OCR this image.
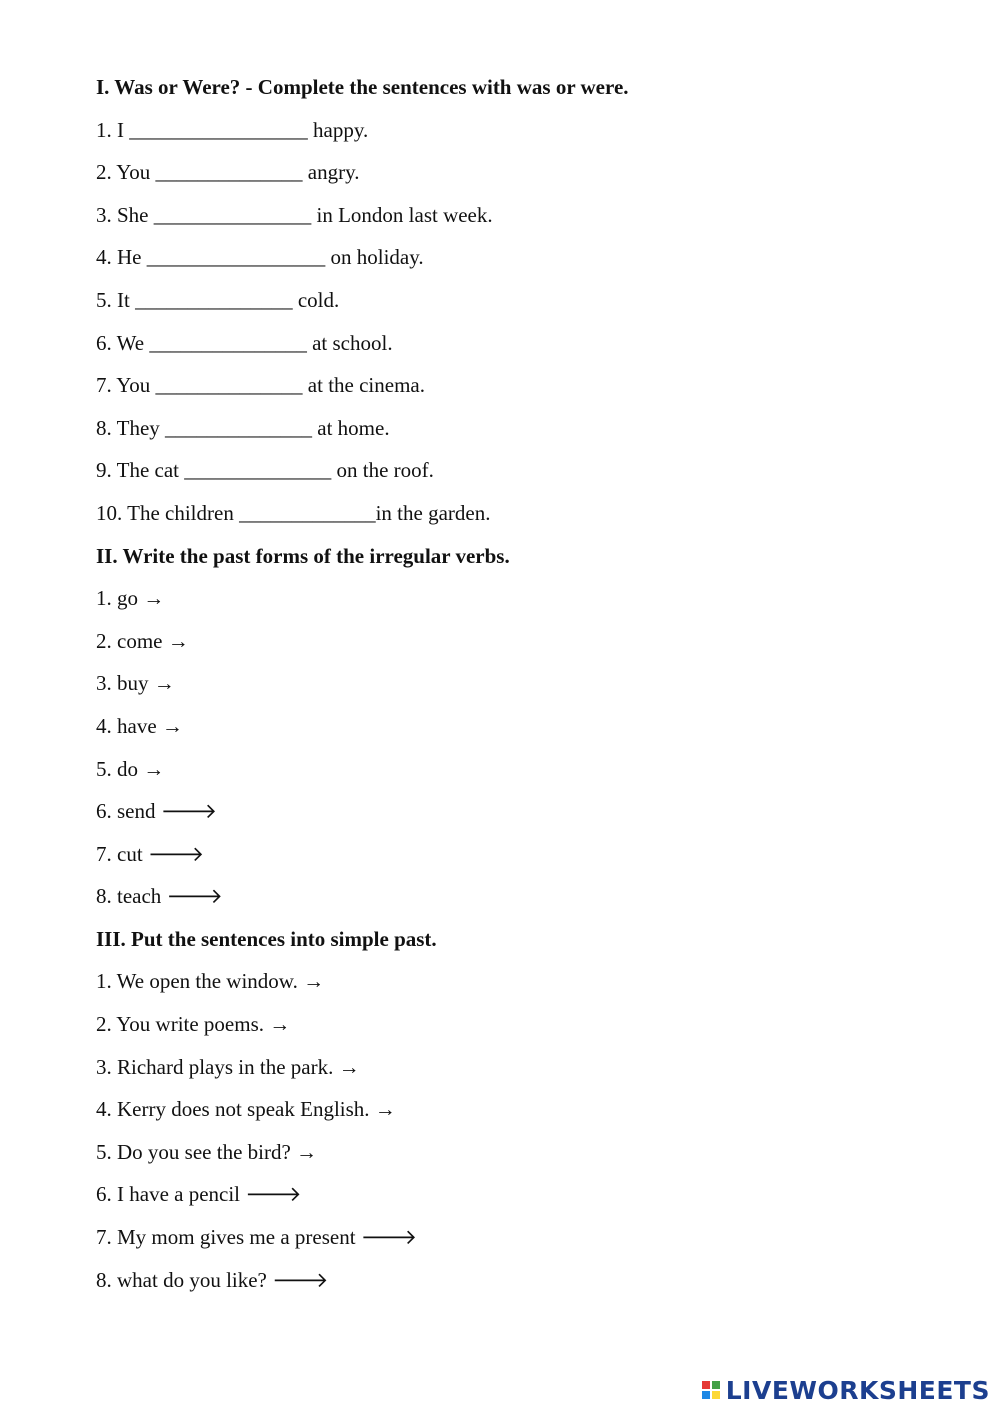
I. Was or Were? - Complete the sentences with was or were.
1. I _________________ happy.
2. You ______________ angry.
3. She _______________ in London last week.
4. He _________________ on holiday.
5. It _______________ cold.
6. We _______________ at school.
7. You ______________ at the cinema.
8. They ______________ at home.
9. The cat ______________ on the roof.
10. The children _____________in the garden.
II. Write the past forms of the irregular verbs.
1. go →
2. come →
3. buy →
4. have →
5. do →
6. send 🡒
7. cut 🡒
8. teach 🡒
III. Put the sentences into simple past.
1. We open the window. →
2. You write poems. →
3. Richard plays in the park. →
4. Kerry does not speak English. →
5. Do you see the bird? →
6. I have a pencil 🡒
7. My mom gives me a present 🡒
8. what do you like? 🡒
LIVEWORKSHEETS
